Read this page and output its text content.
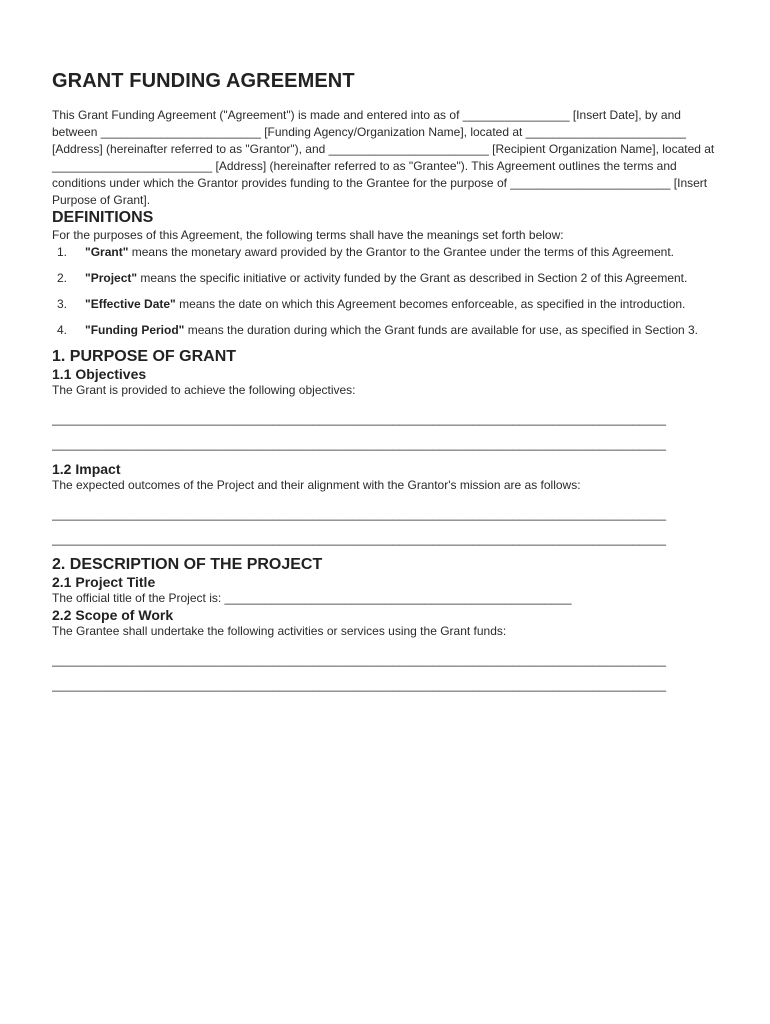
GRANT FUNDING AGREEMENT

This Grant Funding Agreement ("Agreement") is made and entered into as of ________________ [Insert Date], by and between ________________________ [Funding Agency/Organization Name], located at ________________________ [Address] (hereinafter referred to as "Grantor"), and ________________________ [Recipient Organization Name], located at ________________________ [Address] (hereinafter referred to as "Grantee"). This Agreement outlines the terms and conditions under which the Grantor provides funding to the Grantee for the purpose of ________________________ [Insert Purpose of Grant].

DEFINITIONS

For the purposes of this Agreement, the following terms shall have the meanings set forth below:

1.	"Grant" means the monetary award provided by the Grantor to the Grantee under the terms of this Agreement.
2.	"Project" means the specific initiative or activity funded by the Grant as described in Section 2 of this Agreement.
3.	"Effective Date" means the date on which this Agreement becomes enforceable, as specified in the introduction.
4.	"Funding Period" means the duration during which the Grant funds are available for use, as specified in Section 3.
1. PURPOSE OF GRANT
1.1 Objectives

The Grant is provided to achieve the following objectives:

____________________________________________________________________________________________
____________________________________________________________________________________________
1.2 Impact

The expected outcomes of the Project and their alignment with the Grantor's mission are as follows:

____________________________________________________________________________________________
____________________________________________________________________________________________
2. DESCRIPTION OF THE PROJECT
2.1 Project Title

The official title of the Project is: ____________________________________________________

2.2 Scope of Work

The Grantee shall undertake the following activities or services using the Grant funds:

____________________________________________________________________________________________
____________________________________________________________________________________________
